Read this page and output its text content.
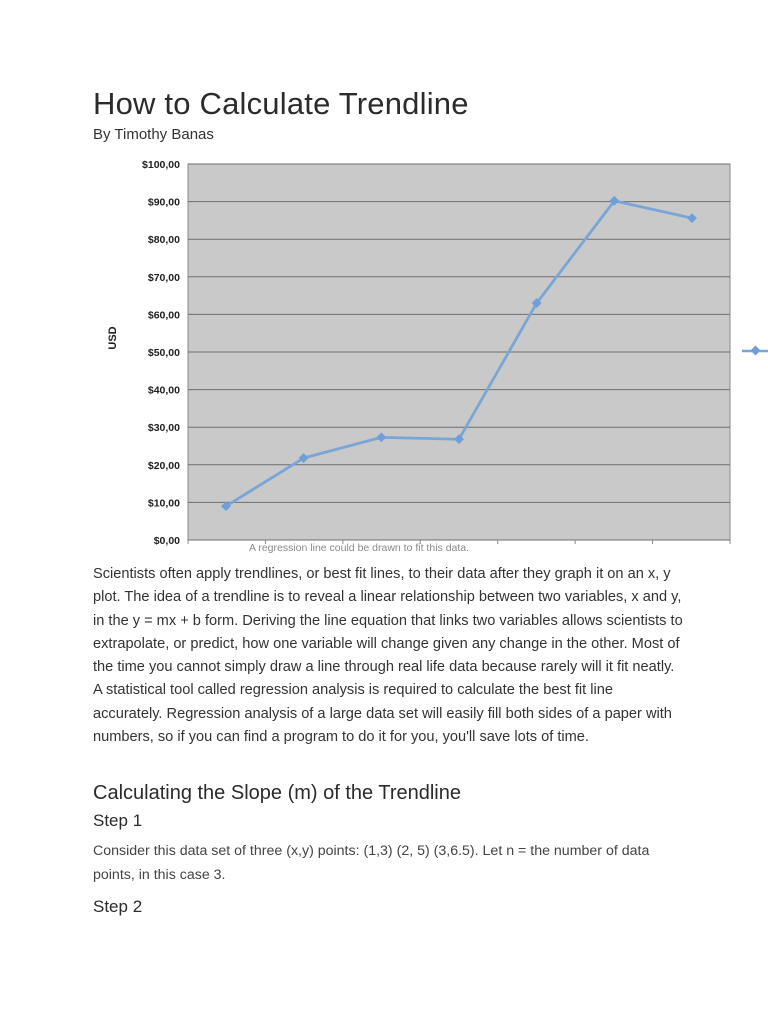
How to Calculate Trendline
By Timothy Banas
$0,00
$10,00
$20,00
$30,00
$40,00
$50,00
$60,00
$70,00
$80,00
$90,00
$100,00
USD
A regression line could be drawn to fit this data.

Scientists often apply trendlines, or best fit lines, to their data after they graph it on an x, y plot. The idea of a trendline is to reveal a linear relationship between two variables, x and y, in the y = mx + b form. Deriving the line equation that links two variables allows scientists to extrapolate, or predict, how one variable will change given any change in the other. Most of the time you cannot simply draw a line through real life data because rarely will it fit neatly. A statistical tool called regression analysis is required to calculate the best fit line accurately. Regression analysis of a large data set will easily fill both sides of a paper with numbers, so if you can find a program to do it for you, you'll save lots of time.

Calculating the Slope (m) of the Trendline
Step 1

Consider this data set of three (x,y) points: (1,3) (2, 5) (3,6.5). Let n = the number of data points, in this case 3.

Step 2
